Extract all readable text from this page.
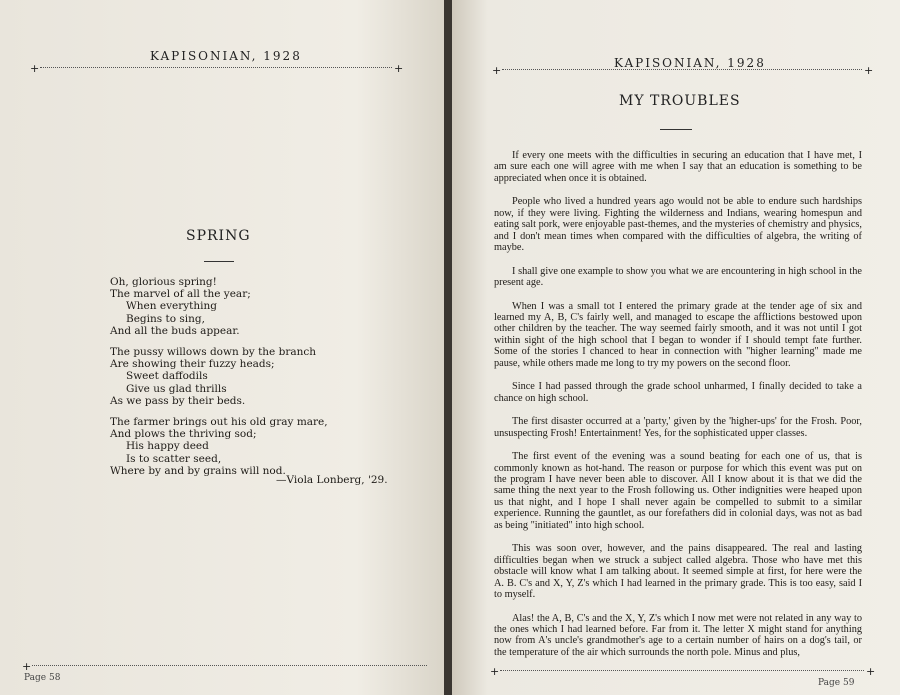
KAPISONIAN, 1928
+	+
SPRING
Oh, glorious spring!
The marvel of all the year;
When everything
Begins to sing,
And all the buds appear.
The pussy willows down by the branch
Are showing their fuzzy heads;
Sweet daffodils
Give us glad thrills
As we pass by their beds.
The farmer brings out his old gray mare,
And plows the thriving sod;
His happy deed
Is to scatter seed,
Where by and by grains will nod.
—Viola Lonberg, '29.
+
Page 58
KAPISONIAN, 1928
+	+
MY TROUBLES
+	+
Page 59

If every one meets with the difficulties in securing an education that I have met, I am sure each one will agree with me when I say that an education is something to be appreciated when once it is obtained.

People who lived a hundred years ago would not be able to endure such hardships now, if they were living. Fighting the wilderness and Indians, wearing homespun and eating salt pork, were enjoyable past-themes, and the mysteries of chemistry and physics, and I don't mean times when compared with the difficulties of algebra, the writing of maybe.

I shall give one example to show you what we are encountering in high school in the present age.

When I was a small tot I entered the primary grade at the tender age of six and learned my A, B, C's fairly well, and managed to escape the afflictions bestowed upon other children by the teacher. The way seemed fairly smooth, and it was not until I got within sight of the high school that I began to wonder if I should tempt fate further. Some of the stories I chanced to hear in connection with "higher learning" made me pause, while others made me long to try my powers on the second floor.

Since I had passed through the grade school unharmed, I finally decided to take a chance on high school.

The first disaster occurred at a 'party,' given by the 'higher-ups' for the Frosh. Poor, unsuspecting Frosh! Entertainment! Yes, for the sophisticated upper classes.

The first event of the evening was a sound beating for each one of us, that is commonly known as hot-hand. The reason or purpose for which this event was put on the program I have never been able to discover. All I know about it is that we did the same thing the next year to the Frosh following us. Other indignities were heaped upon us that night, and I hope I shall never again be compelled to submit to a similar experience. Running the gauntlet, as our forefathers did in colonial days, was not as bad as being "initiated" into high school.

This was soon over, however, and the pains disappeared. The real and lasting difficulties began when we struck a subject called algebra. Those who have met this obstacle will know what I am talking about. It seemed simple at first, for here were the A. B. C's and X, Y, Z's which I had learned in the primary grade. This is too easy, said I to myself.

Alas! the A, B, C's and the X, Y, Z's which I now met were not related in any way to the ones which I had learned before. Far from it. The letter X might stand for anything now from A's uncle's grandmother's age to a certain number of hairs on a dog's tail, or the temperature of the air which surrounds the north pole. Minus and plus,
